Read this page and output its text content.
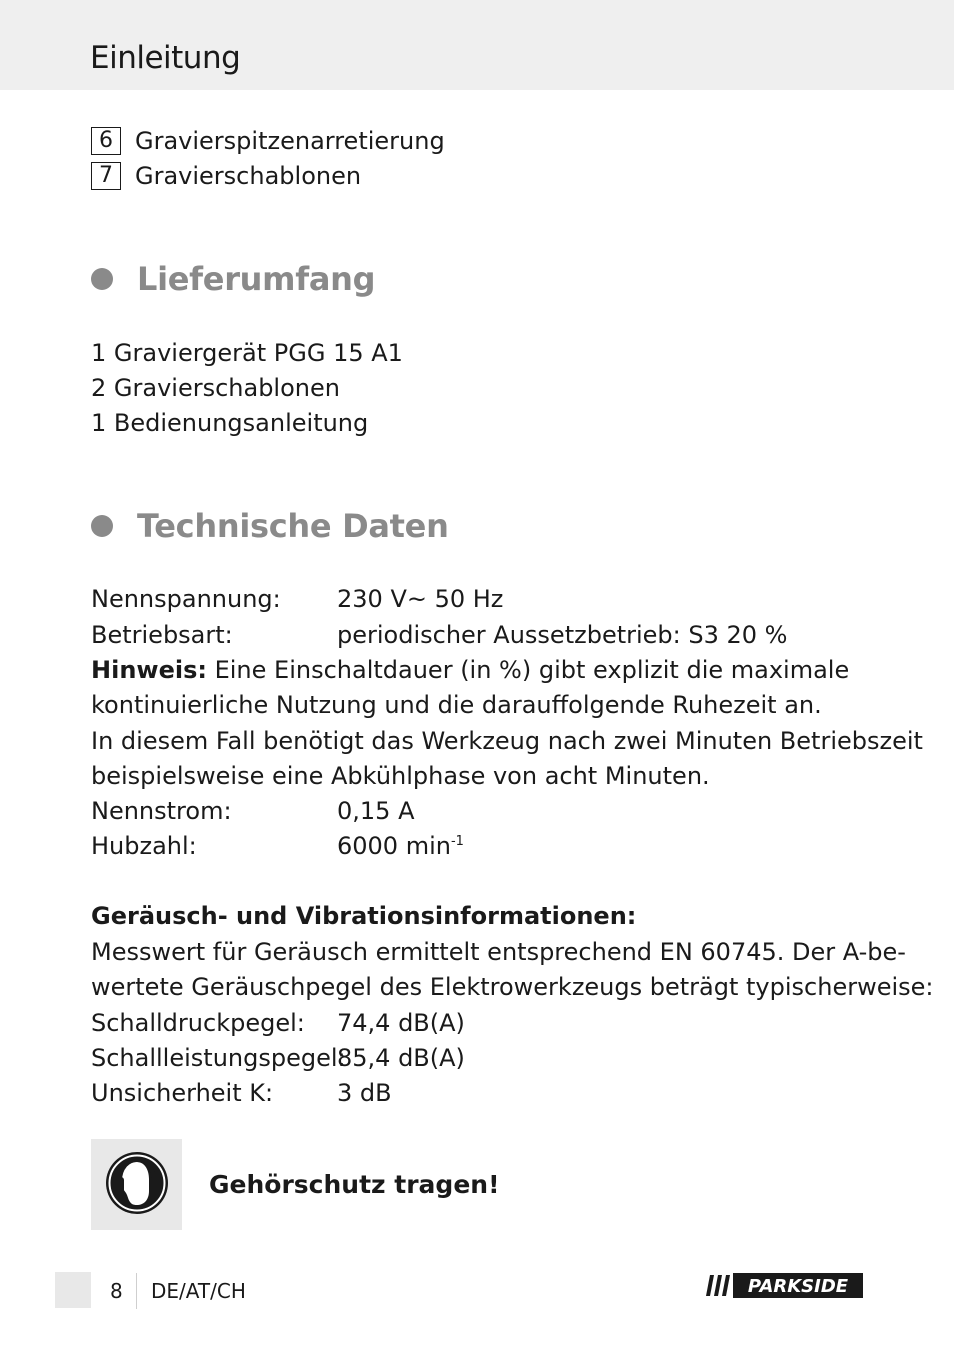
Einleitung
6 Gravierspitzenarretierung
7 Gravierschablonen
Lieferumfang
1 Graviergerät PGG 15 A1
2 Gravierschablonen
1 Bedienungsanleitung
Technische Daten
Nennspannung: 230 V~ 50 Hz
Betriebsart:	periodischer Aussetzbetrieb: S3 20 %
Hinweis: Eine Einschaltdauer (in %) gibt explizit die maximale
kontinuierliche Nutzung und die darauffolgende Ruhezeit an.
In diesem Fall benötigt das Werkzeug nach zwei Minuten Betriebszeit
beispielsweise eine Abkühlphase von acht Minuten.
Nennstrom:	0,15 A
Hubzahl:	6000 $\min^{-1}$
Geräusch- und Vibrationsinformationen:
Messwert für Geräusch ermittelt entsprechend EN 60745. Der A-be-
wertete Geräuschpegel des Elektrowerkzeugs beträgt typischerweise:
Schalldruckpegel: 74,4 dB(A)
Schallleistungspegel:85,4 dB(A)
Unsicherheit K:	3 dB
Gehörschutz tragen!
8 DE/AT/CH	PARKSIDE
